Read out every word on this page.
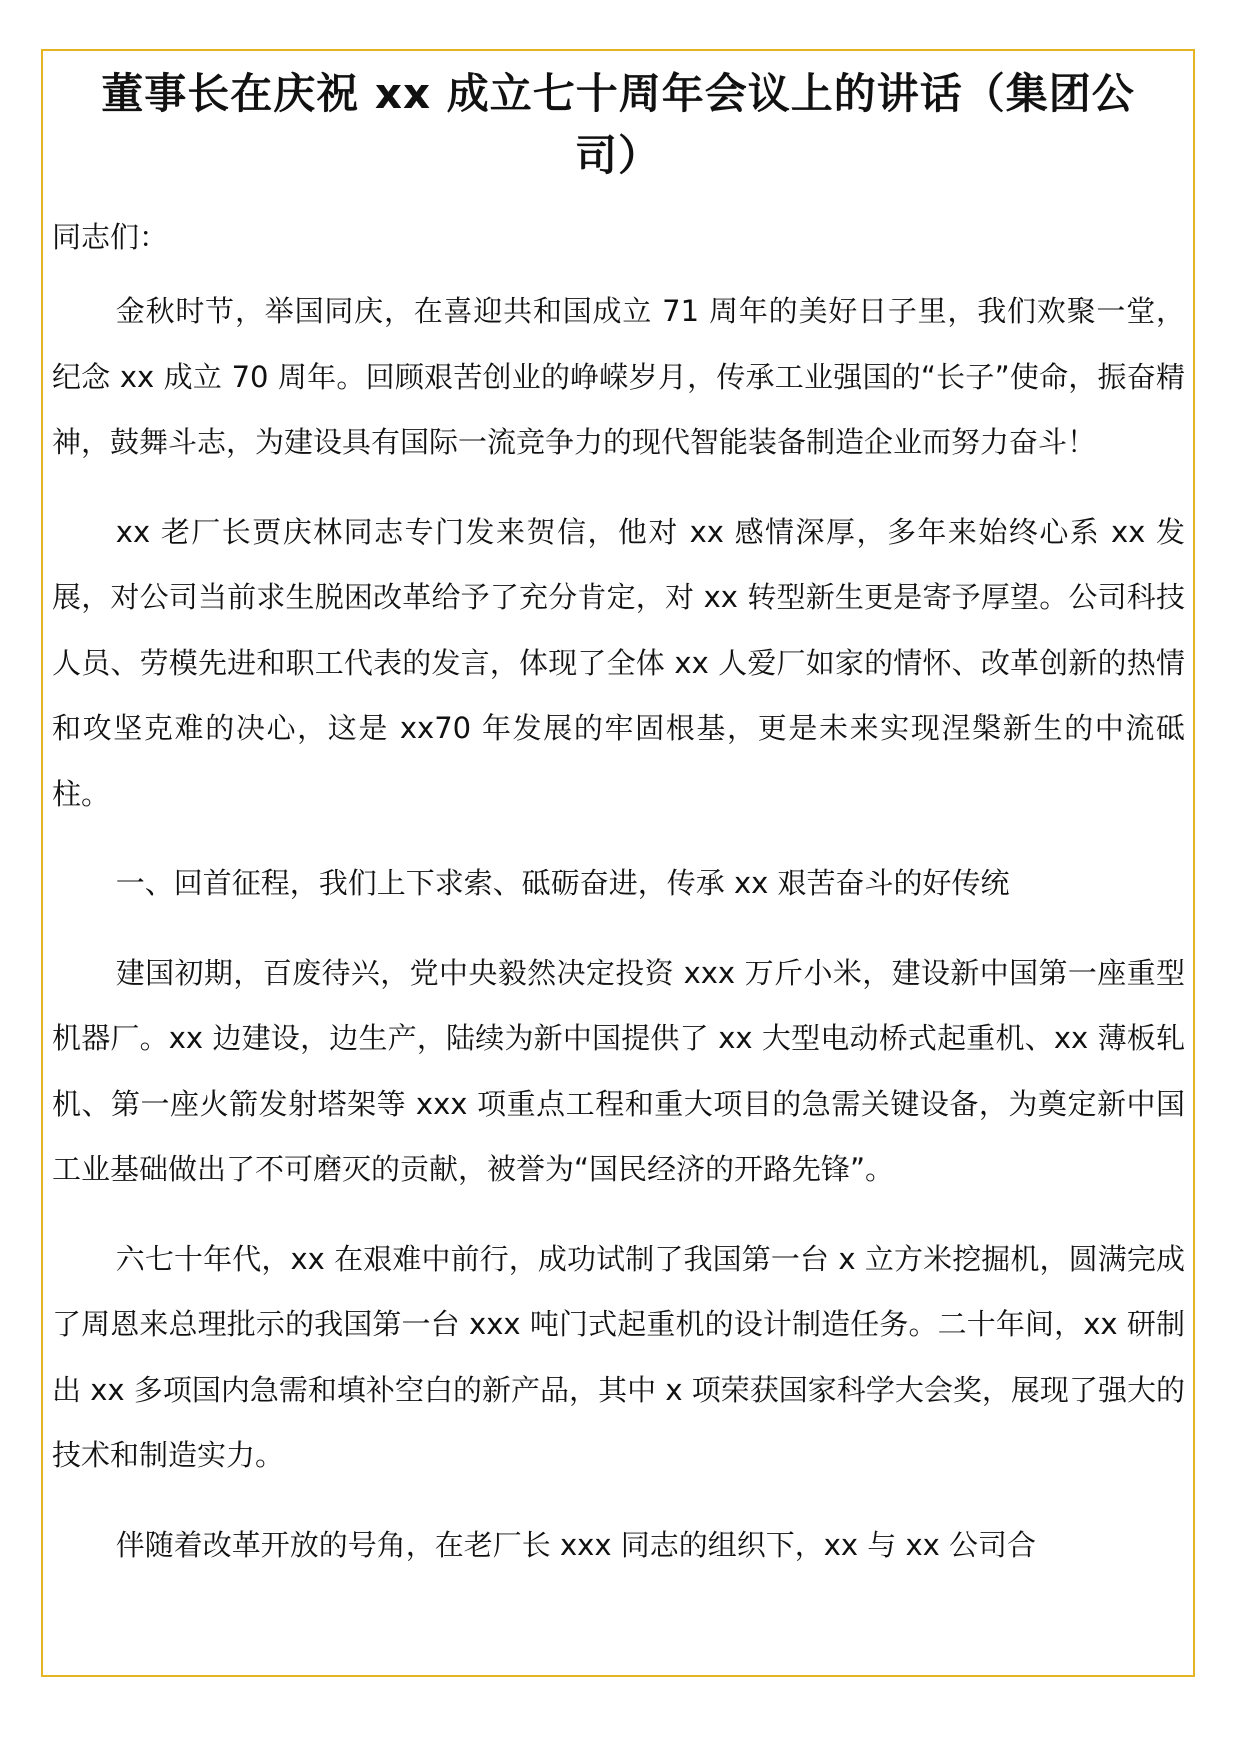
董事长在庆祝 xx 成立七十周年会议上的讲话（集团公司）
同志们：

金秋时节，举国同庆，在喜迎共和国成立 71 周年的美好日子里，我们欢聚一堂，纪念 xx 成立 70 周年。回顾艰苦创业的峥嵘岁月，传承工业强国的“长子”使命，振奋精神，鼓舞斗志，为建设具有国际一流竞争力的现代智能装备制造企业而努力奋斗！

xx 老厂长贾庆林同志专门发来贺信，他对 xx 感情深厚，多年来始终心系 xx 发展，对公司当前求生脱困改革给予了充分肯定，对 xx 转型新生更是寄予厚望。公司科技人员、劳模先进和职工代表的发言，体现了全体 xx 人爱厂如家的情怀、改革创新的热情和攻坚克难的决心，这是 xx70 年发展的牢固根基，更是未来实现涅槃新生的中流砥柱。

一、回首征程，我们上下求索、砥砺奋进，传承 xx 艰苦奋斗的好传统

建国初期，百废待兴，党中央毅然决定投资 xxx 万斤小米，建设新中国第一座重型机器厂。xx 边建设，边生产，陆续为新中国提供了 xx 大型电动桥式起重机、xx 薄板轧机、第一座火箭发射塔架等 xxx 项重点工程和重大项目的急需关键设备，为奠定新中国工业基础做出了不可磨灭的贡献，被誉为“国民经济的开路先锋”。

六七十年代，xx 在艰难中前行，成功试制了我国第一台 x 立方米挖掘机，圆满完成了周恩来总理批示的我国第一台 xxx 吨门式起重机的设计制造任务。二十年间，xx 研制出 xx 多项国内急需和填补空白的新产品，其中 x 项荣获国家科学大会奖，展现了强大的技术和制造实力。

伴随着改革开放的号角，在老厂长 xxx 同志的组织下，xx 与 xx 公司合
